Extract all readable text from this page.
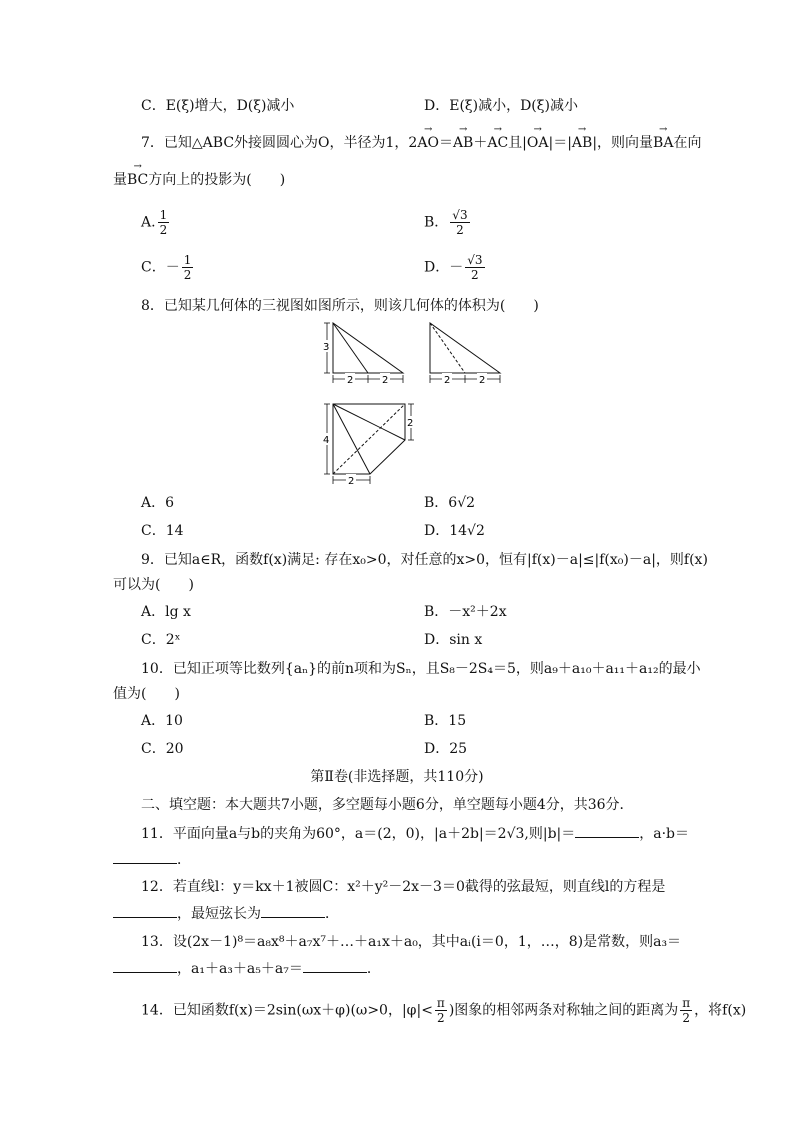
C．E(ξ)增大，D(ξ)减小	D．E(ξ)减小，D(ξ)减小
7．已知△ABC外接圆圆心为O，半径为1，2→ AO＝→ AB＋→ AC且|→ OA|＝|→ AB|，则向量→ BA在向
量→ BC方向上的投影为(　　)
A. $\frac{1}{2}$	B． $\frac{√3}{2}$
C．－ $\frac{1}{2}$	D．－ $\frac{√3}{2}$
8．已知某几何体的三视图如图所示，则该几何体的体积为(　　)
3
2	2	2	2
4
2
2
A．6	B．6√2
C．14	D．14√2
9．已知a∈R，函数f(x)满足: 存在x₀>0，对任意的x>0，恒有|f(x)－a|≤|f(x₀)－a|，则f(x)
可以为(　　)
A．lg x	B．－x²＋2x
C．2ˣ	D．sin x
10．已知正项等比数列{aₙ}的前n项和为Sₙ，且S₈－2S₄＝5，则a₉＋a₁₀＋a₁₁＋a₁₂的最小
值为(　　)
A．10	B．15
C．20	D．25
第Ⅱ卷(非选择题，共110分)
二、填空题：本大题共7小题，多空题每小题6分，单空题每小题4分，共36分．
11．平面向量a与b的夹角为60°，a＝(2，0)，|a＋2b|＝2√3,则|b|＝	，a·b＝
．
12．若直线l：y＝kx＋1被圆C：x²＋y²－2x－3＝0截得的弦最短，则直线l的方程是
，最短弦长为	．
13．设(2x－1)⁸＝a₈x⁸＋a₇x⁷＋…＋a₁x＋a₀，其中aᵢ(i＝0，1，…，8)是常数，则a₃＝
，a₁＋a₃＋a₅＋a₇＝	．
14．已知函数f(x)＝2sin(ωx＋φ)(ω>0，$|\varphi|< \frac{\pi}{2}$ )图象的相邻两条对称轴之间的距离为 $\frac{\pi}{2}$ ，将f(x)
